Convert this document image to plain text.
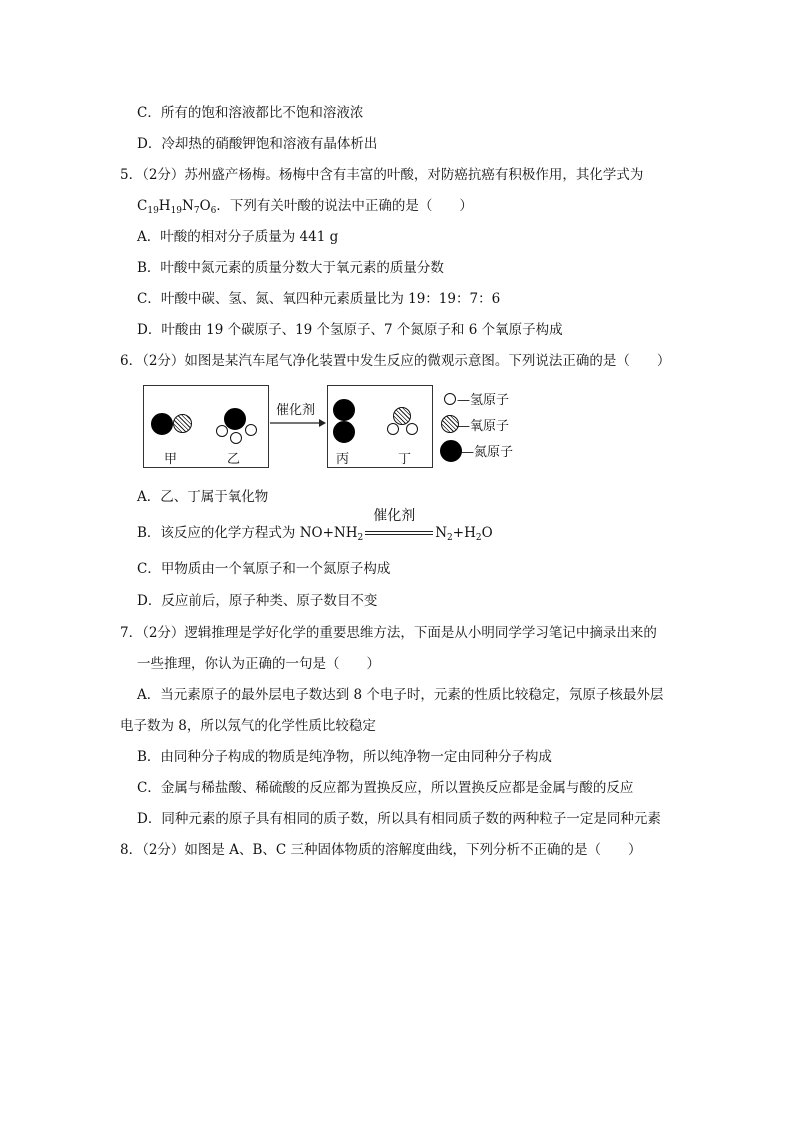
C．所有的饱和溶液都比不饱和溶液浓
D．冷却热的硝酸钾饱和溶液有晶体析出
5．（2分）苏州盛产杨梅。杨梅中含有丰富的叶酸，对防癌抗癌有积极作用，其化学式为
$C_{19}H_{19}N_7O_6$．下列有关叶酸的说法中正确的是（　　）
A．叶酸的相对分子质量为 441 g
B．叶酸中氮元素的质量分数大于氧元素的质量分数
C．叶酸中碳、氢、氮、氧四种元素质量比为 19：19：7：6
D．叶酸由 19 个碳原子、19 个氢原子、7 个氮原子和 6 个氧原子构成
6．（2分）如图是某汽车尾气净化装置中发生反应的微观示意图。下列说法正确的是（　　）
甲	乙
催化剂
丙	丁
—氢原子
—氧原子
—氮原子
A．乙、丁属于氧化物
B．该反应的化学方程式为 $NO+NH_2$
催化剂
$N_2+H_2O$
C．甲物质由一个氧原子和一个氮原子构成
D．反应前后，原子种类、原子数目不变
7．（2分）逻辑推理是学好化学的重要思维方法，下面是从小明同学学习笔记中摘录出来的
一些推理，你认为正确的一句是（　　）
A．当元素原子的最外层电子数达到 8 个电子时，元素的性质比较稳定，氖原子核最外层
电子数为 8，所以氖气的化学性质比较稳定
B．由同种分子构成的物质是纯净物，所以纯净物一定由同种分子构成
C．金属与稀盐酸、稀硫酸的反应都为置换反应，所以置换反应都是金属与酸的反应
D．同种元素的原子具有相同的质子数，所以具有相同质子数的两种粒子一定是同种元素
8．（2分）如图是 A、B、C 三种固体物质的溶解度曲线，下列分析不正确的是（　　）
